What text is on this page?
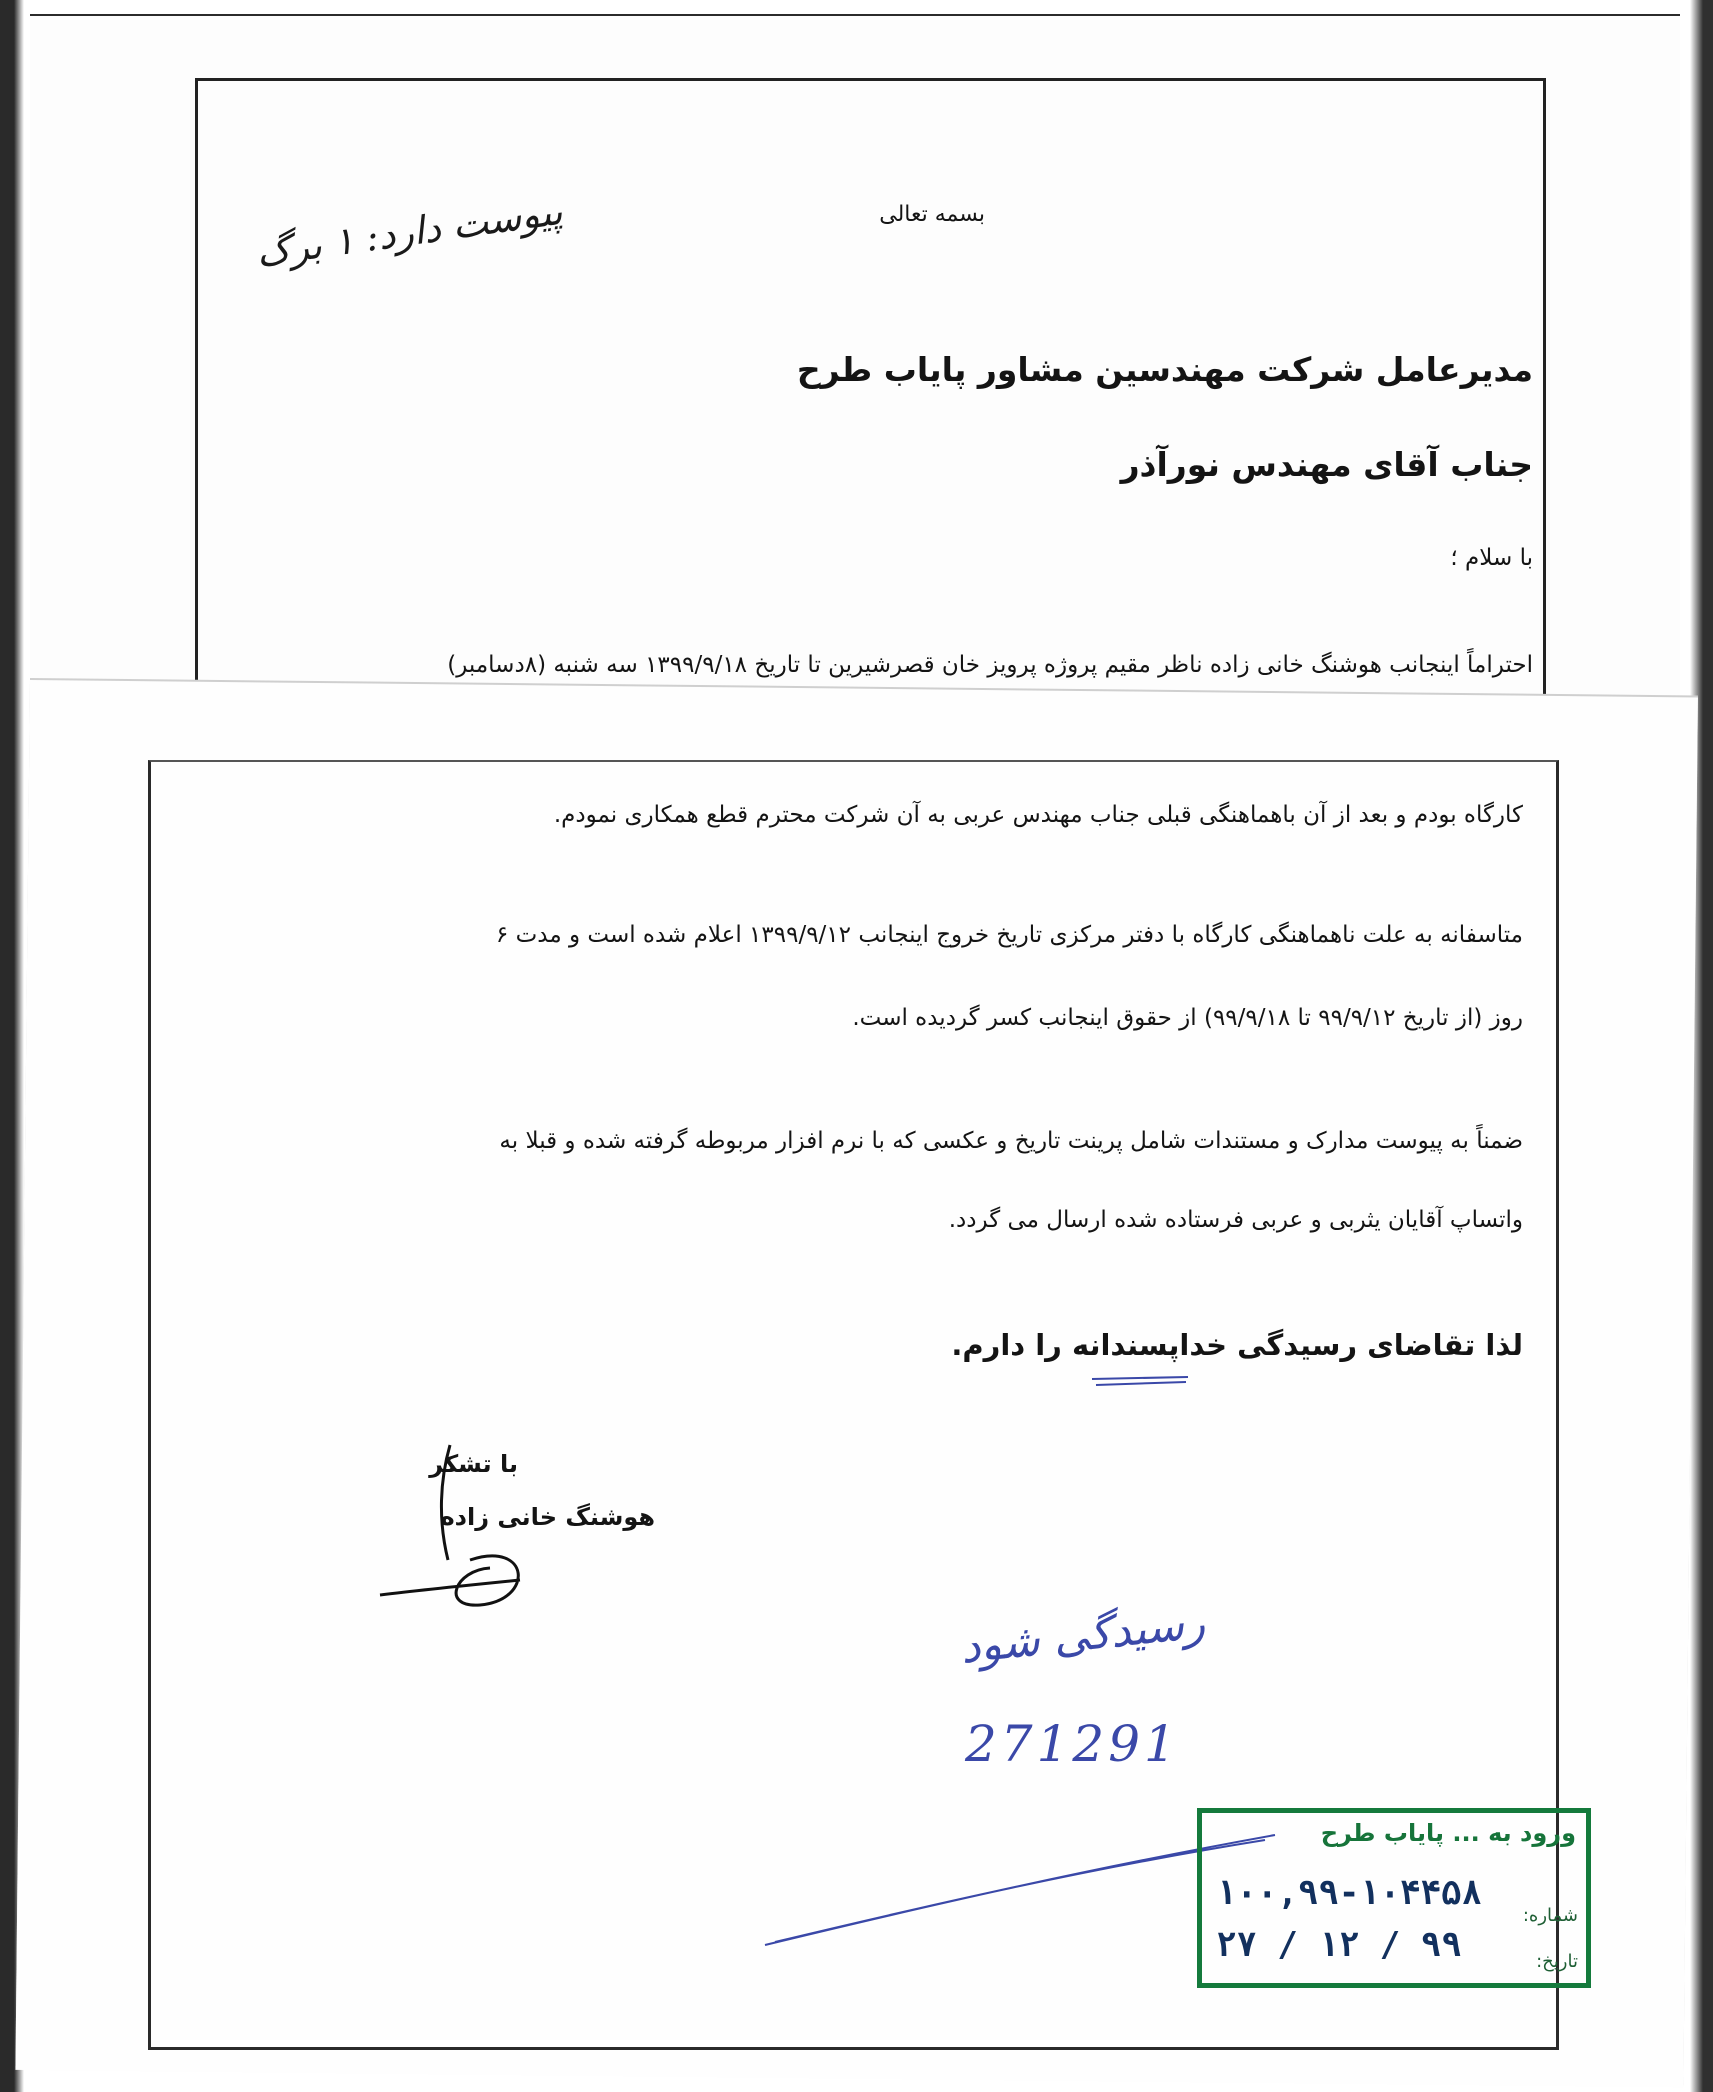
بسمه تعالی
پیوست دارد: ۱ برگ
مدیرعامل شرکت مهندسین مشاور پایاب طرح
جناب آقای مهندس نورآذر
با سلام ؛
احتراماً اینجانب هوشنگ خانی زاده ناظر مقیم پروژه پرویز خان قصرشیرین تا تاریخ ۱۳۹۹/۹/۱۸ سه شنبه (۸دسامبر)
کارگاه بودم و بعد از آن باهماهنگی قبلی جناب مهندس عربی به آن شرکت محترم قطع همکاری نمودم.
متاسفانه به علت ناهماهنگی کارگاه با دفتر مرکزی تاریخ خروج اینجانب ۱۳۹۹/۹/۱۲ اعلام شده است و مدت ۶
روز (از تاریخ ۹۹/۹/۱۲ تا ۹۹/۹/۱۸) از حقوق اینجانب کسر گردیده است.
ضمناً به پیوست مدارک و مستندات شامل پرینت تاریخ و عکسی که با نرم افزار مربوطه گرفته شده و قبلا به
واتساپ آقایان یثربی و عربی فرستاده شده ارسال می گردد.
لذا تقاضای رسیدگی خداپسندانه را دارم.
با تشکر
هوشنگ خانی زاده
رسیدگی شود
271291
ورود به ... پایاب طرح
شماره:
۱۰۰,۹۹-۱۰۴۴۵۸
تاریخ:
۹۹ / ۱۲ / ۲۷
